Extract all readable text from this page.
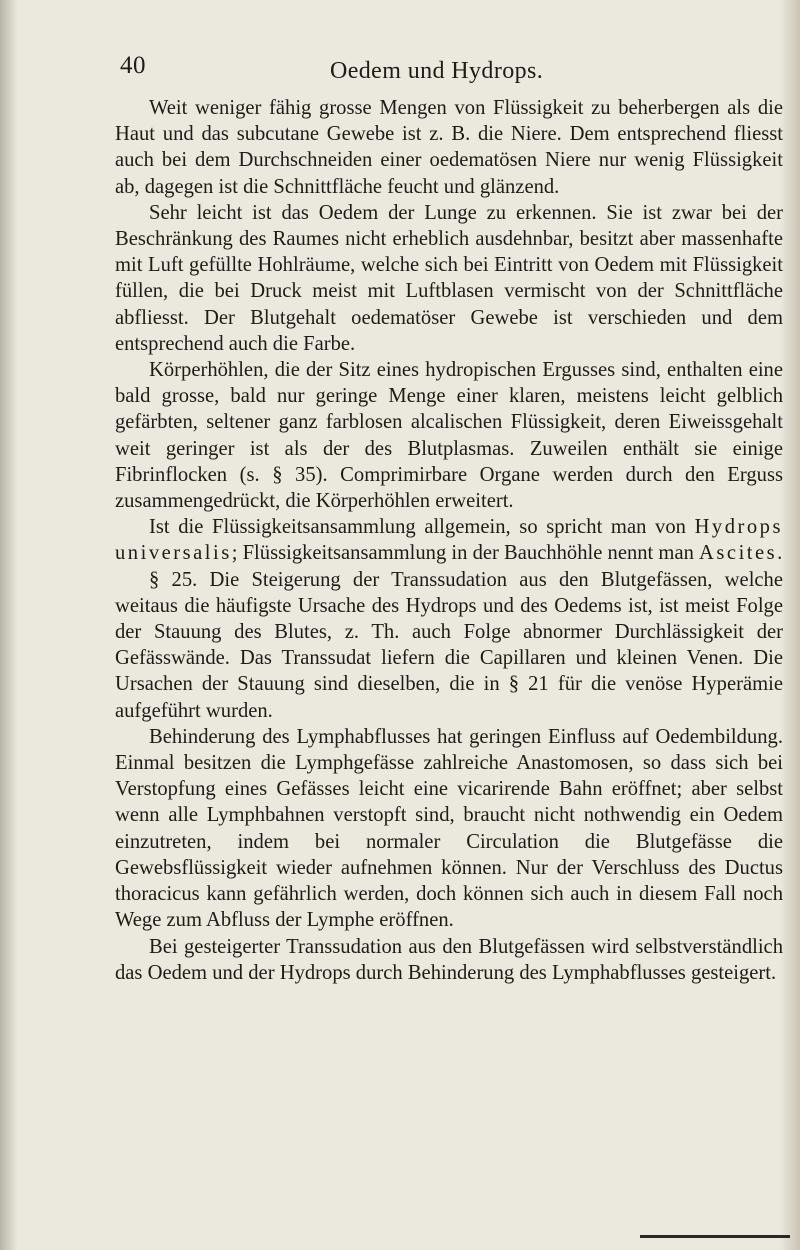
40	Oedem und Hydrops.

Weit weniger fähig grosse Mengen von Flüssigkeit zu beherbergen als die Haut und das subcutane Gewebe ist z. B. die Niere. Dem entsprechend fliesst auch bei dem Durchschneiden einer oedematösen Niere nur wenig Flüssigkeit ab, dagegen ist die Schnittfläche feucht und glänzend.

Sehr leicht ist das Oedem der Lunge zu erkennen. Sie ist zwar bei der Beschränkung des Raumes nicht erheblich ausdehnbar, besitzt aber massenhafte mit Luft gefüllte Hohlräume, welche sich bei Eintritt von Oedem mit Flüssigkeit füllen, die bei Druck meist mit Luftblasen vermischt von der Schnittfläche abfliesst. Der Blutgehalt oedematöser Gewebe ist verschieden und dem entsprechend auch die Farbe.

Körperhöhlen, die der Sitz eines hydropischen Ergusses sind, enthalten eine bald grosse, bald nur geringe Menge einer klaren, meistens leicht gelblich gefärbten, seltener ganz farblosen alcalischen Flüssigkeit, deren Eiweissgehalt weit geringer ist als der des Blutplasmas. Zuweilen enthält sie einige Fibrinflocken (s. § 35). Comprimirbare Organe werden durch den Erguss zusammengedrückt, die Körperhöhlen erweitert.

Ist die Flüssigkeitsansammlung allgemein, so spricht man von Hydrops universalis; Flüssigkeitsansammlung in der Bauchhöhle nennt man Ascites.

§ 25. Die Steigerung der Transsudation aus den Blutgefässen, welche weitaus die häufigste Ursache des Hydrops und des Oedems ist, ist meist Folge der Stauung des Blutes, z. Th. auch Folge abnormer Durchlässigkeit der Gefässwände. Das Transsudat liefern die Capillaren und kleinen Venen. Die Ursachen der Stauung sind dieselben, die in § 21 für die venöse Hyperämie aufgeführt wurden.

Behinderung des Lymphabflusses hat geringen Einfluss auf Oedembildung. Einmal besitzen die Lymphgefässe zahlreiche Anastomosen, so dass sich bei Verstopfung eines Gefässes leicht eine vicarirende Bahn eröffnet; aber selbst wenn alle Lymphbahnen verstopft sind, braucht nicht nothwendig ein Oedem einzutreten, indem bei normaler Circulation die Blutgefässe die Gewebsflüssigkeit wieder aufnehmen können. Nur der Verschluss des Ductus thoracicus kann gefährlich werden, doch können sich auch in diesem Fall noch Wege zum Abfluss der Lymphe eröffnen.

Bei gesteigerter Transsudation aus den Blutgefässen wird selbstverständlich das Oedem und der Hydrops durch Behinderung des Lymphabflusses gesteigert.
